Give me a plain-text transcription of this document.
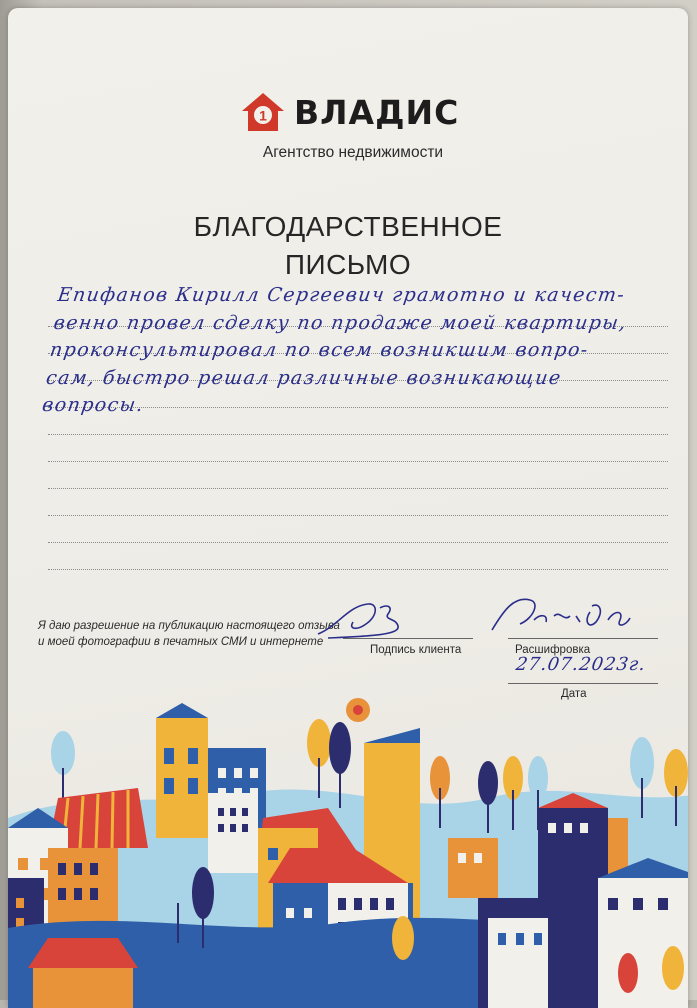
1 ВЛАДИС
Агентство недвижимости
БЛАГОДАРСТВЕННОЕ
ПИСЬМО
Епифанов Кирилл Сергеевич грамотно и качест-
венно провел сделку по продаже моей квартиры,
проконсультировал по всем возникшим вопро-
сам, быстро решал различные возникающие
вопросы.
Я даю разрешение на публикацию настоящего отзыва
и моей фотографии в печатных СМИ и интернете
Подпись клиента	Расшифровка
27.07.2023г.
Дата
